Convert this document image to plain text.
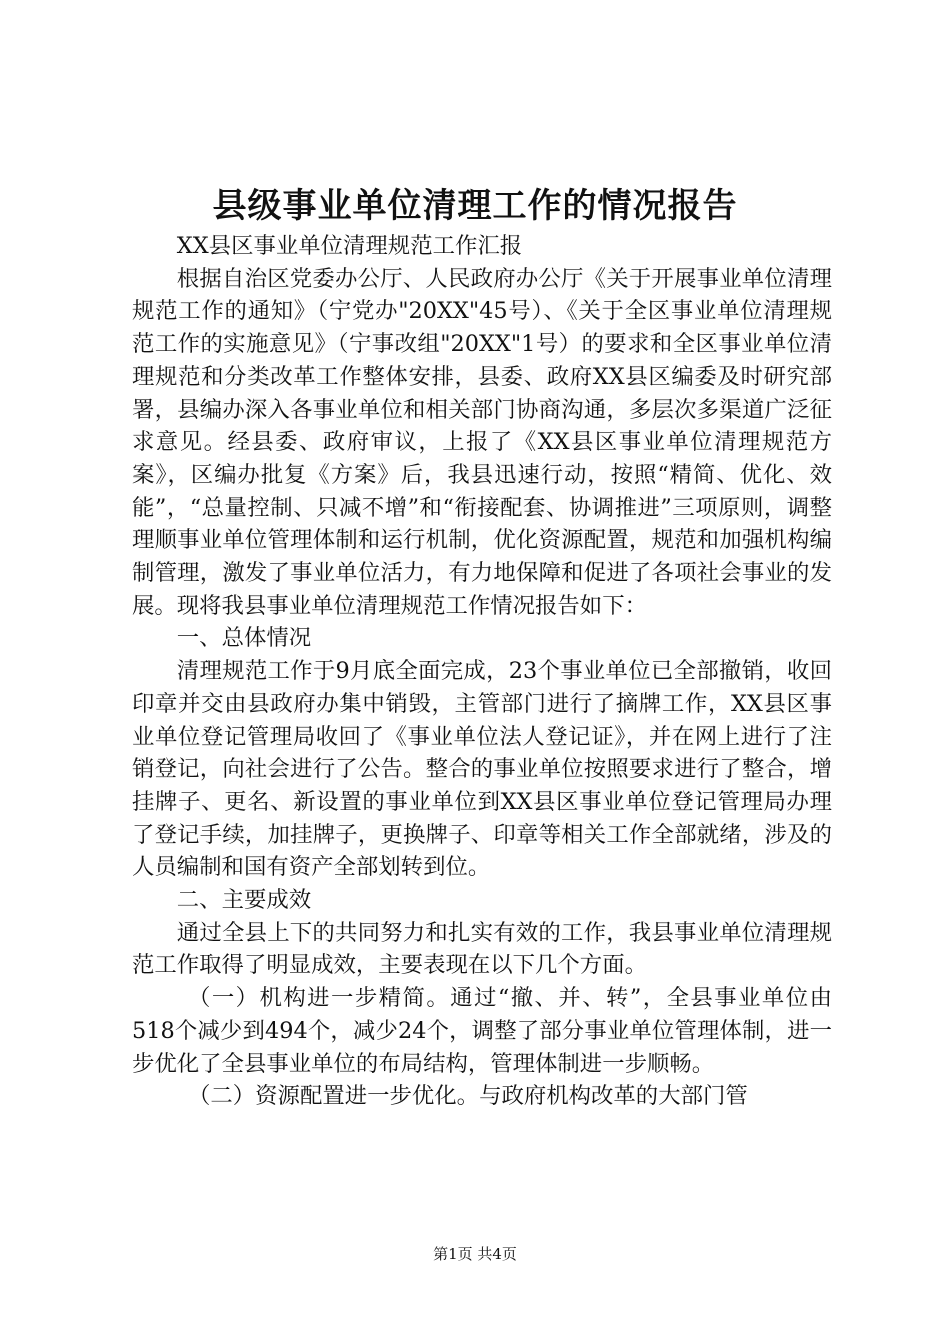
县级事业单位清理工作的情况报告

XX县区事业单位清理规范工作汇报

根据自治区党委办公厅、人民政府办公厅《关于开展事业单位清理规范工作的通知》（宁党办"20XX"45号）、《关于全区事业单位清理规范工作的实施意见》（宁事改组"20XX"1号）的要求和全区事业单位清理规范和分类改革工作整体安排，县委、政府XX县区编委及时研究部署，县编办深入各事业单位和相关部门协商沟通，多层次多渠道广泛征求意见。经县委、政府审议，上报了《XX县区事业单位清理规范方案》，区编办批复《方案》后，我县迅速行动，按照“精简、优化、效能”，“总量控制、只减不增”和“衔接配套、协调推进”三项原则，调整理顺事业单位管理体制和运行机制，优化资源配置，规范和加强机构编制管理，激发了事业单位活力，有力地保障和促进了各项社会事业的发展。现将我县事业单位清理规范工作情况报告如下：

一、总体情况

清理规范工作于9月底全面完成，23个事业单位已全部撤销，收回印章并交由县政府办集中销毁，主管部门进行了摘牌工作，XX县区事业单位登记管理局收回了《事业单位法人登记证》，并在网上进行了注销登记，向社会进行了公告。整合的事业单位按照要求进行了整合，增挂牌子、更名、新设置的事业单位到XX县区事业单位登记管理局办理了登记手续，加挂牌子，更换牌子、印章等相关工作全部就绪，涉及的人员编制和国有资产全部划转到位。

二、主要成效

通过全县上下的共同努力和扎实有效的工作，我县事业单位清理规范工作取得了明显成效，主要表现在以下几个方面。

（一）机构进一步精简。通过“撤、并、转”，全县事业单位由518个减少到494个，减少24个，调整了部分事业单位管理体制，进一步优化了全县事业单位的布局结构，管理体制进一步顺畅。

（二）资源配置进一步优化。与政府机构改革的大部门管

第1页 共4页
